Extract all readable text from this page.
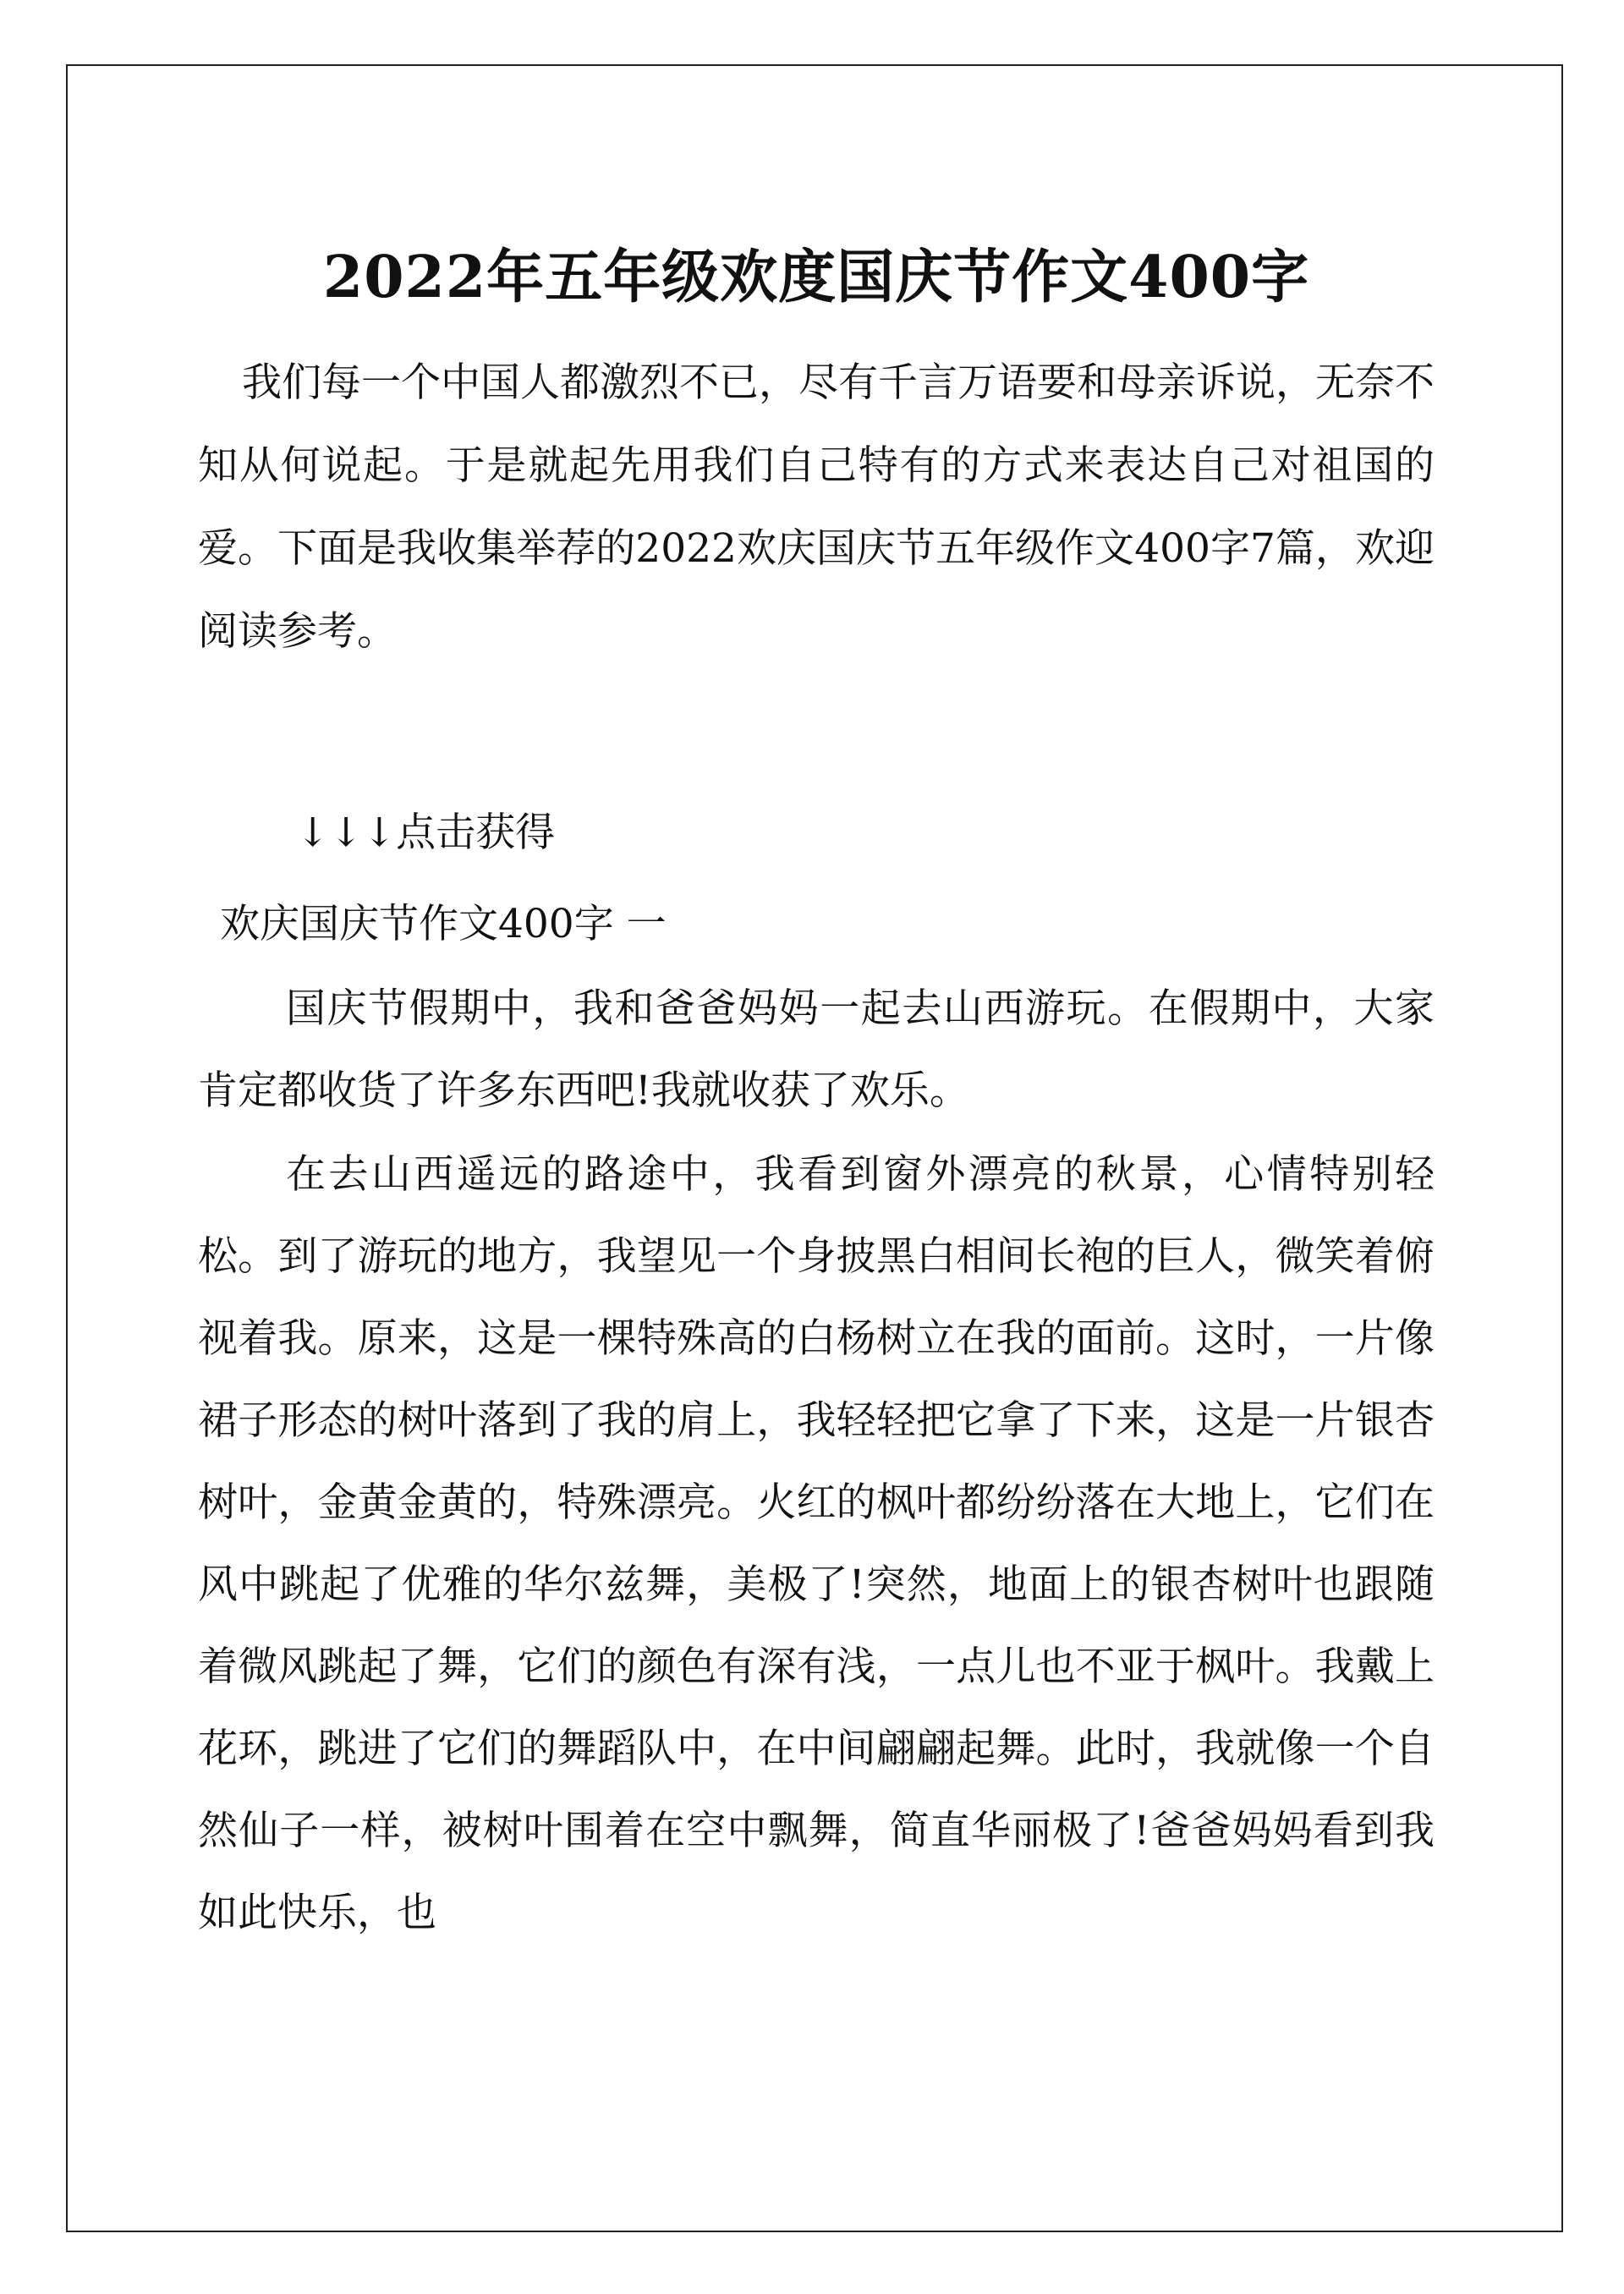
2022年五年级欢度国庆节作文400字

我们每一个中国人都激烈不已，尽有千言万语要和母亲诉说，无奈不知从何说起。于是就起先用我们自己特有的方式来表达自己对祖国的爱。下面是我收集举荐的2022欢庆国庆节五年级作文400字7篇，欢迎阅读参考。

↓↓↓点击获得
欢庆国庆节作文400字 一

国庆节假期中，我和爸爸妈妈一起去山西游玩。在假期中，大家肯定都收货了许多东西吧!我就收获了欢乐。

在去山西遥远的路途中，我看到窗外漂亮的秋景，心情特别轻松。到了游玩的地方，我望见一个身披黑白相间长袍的巨人，微笑着俯视着我。原来，这是一棵特殊高的白杨树立在我的面前。这时，一片像裙子形态的树叶落到了我的肩上，我轻轻把它拿了下来，这是一片银杏树叶，金黄金黄的，特殊漂亮。火红的枫叶都纷纷落在大地上，它们在风中跳起了优雅的华尔兹舞，美极了!突然，地面上的银杏树叶也跟随着微风跳起了舞，它们的颜色有深有浅，一点儿也不亚于枫叶。我戴上花环，跳进了它们的舞蹈队中，在中间翩翩起舞。此时，我就像一个自然仙子一样，被树叶围着在空中飘舞，简直华丽极了!爸爸妈妈看到我如此快乐，也
